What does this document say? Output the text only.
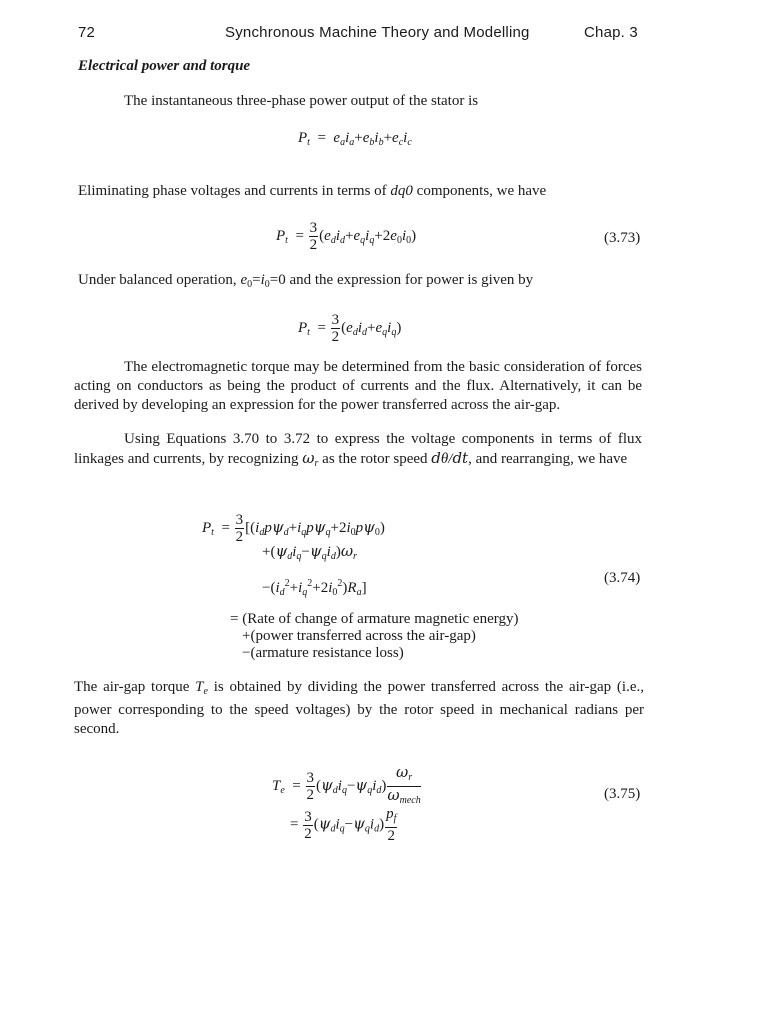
72	Synchronous Machine Theory and Modelling	Chap. 3
Electrical power and torque
The instantaneous three-phase power output of the stator is
$P_t = e_ai_a+e_bi_b+e_ci_c$
Eliminating phase voltages and currents in terms of dq0 components, we have
$P_t = \frac{3}{2} (e_di_d+e_qi_q+2e_0i_0)$	(3.73)
Under balanced operation, $e_0=i_0=0$ and the expression for power is given by
$P_t = \frac{3}{2} (e_di_d+e_qi_q)$
The electromagnetic torque may be determined from the basic consideration of forces acting on conductors as being the product of currents and the flux. Alternatively, it can be derived by developing an expression for the power transferred across the air-gap.
Using Equations 3.70 to 3.72 to express the voltage components in terms of flux linkages and currents, by recognizing $\omega_r$ as the rotor speed dθ/dt, and rearranging, we have
$P_t = \frac{3}{2} [(i_dp\psi_d+i_qp\psi_q+2i_0p\psi_0)$
$+(\psi_di_q-\psi_qi_d)\omega_r$
$-(i_d^2+i_q^2+2i_0^2)R_a$]
(3.74)
= (Rate of change of armature magnetic energy)
+(power transferred across the air-gap)
−(armature resistance loss)
The air-gap torque $T_e$ is obtained by dividing the power transferred across the air-gap (i.e., power corresponding to the speed voltages) by the rotor speed in mechanical radians per second.
$T_e = \frac{3}{2} (\psi_di_q-\psi_qi_d) \frac{\omega_r}{\omega_{mech}}$
= $\frac{3}{2} (\psi_di_q-\psi_qi_d) \frac{p_f}{2}$
(3.75)
